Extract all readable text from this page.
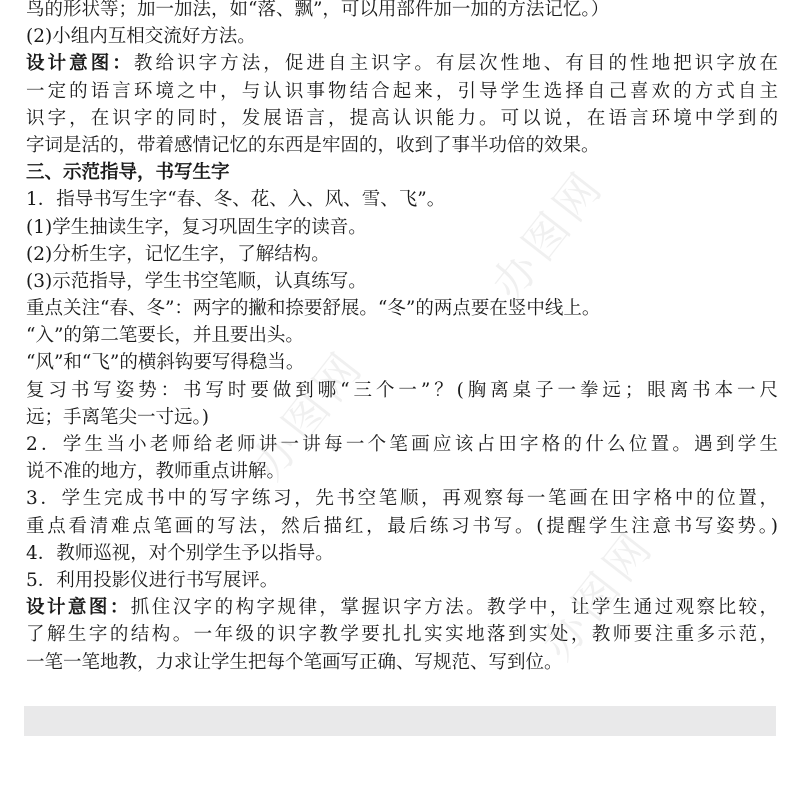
鸟的形状等；加一加法，如“落、飘”，可以用部件加一加的方法记忆。）
(2)小组内互相交流好方法。
设计意图：教给识字方法，促进自主识字。有层次性地、有目的性地把识字放在
一定的语言环境之中，与认识事物结合起来，引导学生选择自己喜欢的方式自主
识字，在识字的同时，发展语言，提高认识能力。可以说，在语言环境中学到的
字词是活的，带着感情记忆的东西是牢固的，收到了事半功倍的效果。
三、示范指导，书写生字
1．指导书写生字“春、冬、花、入、风、雪、飞”。
(1)学生抽读生字，复习巩固生字的读音。
(2)分析生字，记忆生字，了解结构。
(3)示范指导，学生书空笔顺，认真练写。
重点关注“春、冬”：两字的撇和捺要舒展。“冬”的两点要在竖中线上。
“入”的第二笔要长，并且要出头。
“风”和“飞”的横斜钩要写得稳当。
复习书写姿势：书写时要做到哪“三个一”？(胸离桌子一拳远；眼离书本一尺
远；手离笔尖一寸远。)
2．学生当小老师给老师讲一讲每一个笔画应该占田字格的什么位置。遇到学生
说不准的地方，教师重点讲解。
3．学生完成书中的写字练习，先书空笔顺，再观察每一笔画在田字格中的位置，
重点看清难点笔画的写法，然后描红，最后练习书写。(提醒学生注意书写姿势。)
4．教师巡视，对个别学生予以指导。
5．利用投影仪进行书写展评。
设计意图：抓住汉字的构字规律，掌握识字方法。教学中，让学生通过观察比较，
了解生字的结构。一年级的识字教学要扎扎实实地落到实处，教师要注重多示范，
一笔一笔地教，力求让学生把每个笔画写正确、写规范、写到位。
办图网
办图网
办图网
